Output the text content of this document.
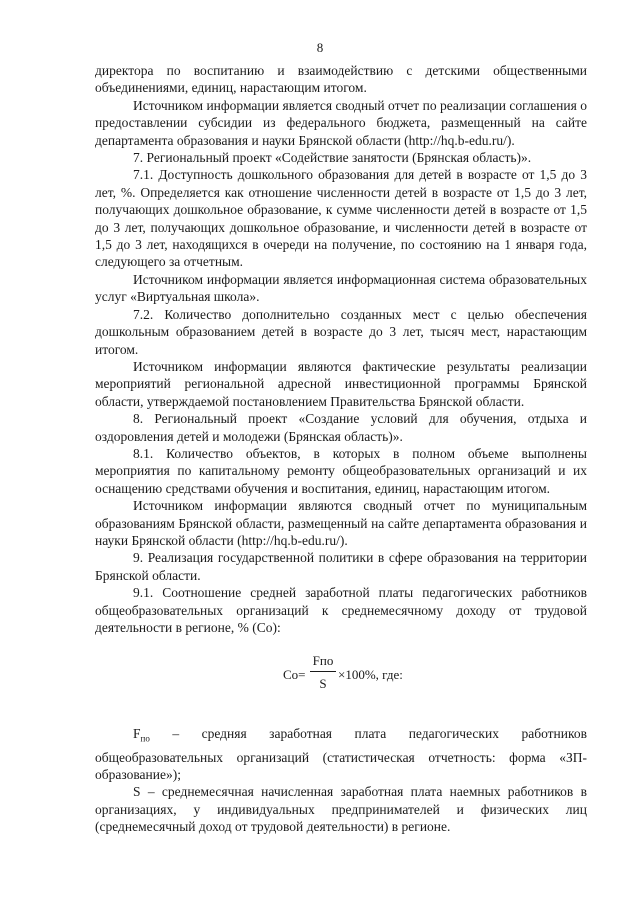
8

директора по воспитанию и взаимодействию с детскими общественными объединениями, единиц, нарастающим итогом.

Источником информации является сводный отчет по реализации соглашения о предоставлении субсидии из федерального бюджета, размещенный на сайте департамента образования и науки Брянской области (http://hq.b-edu.ru/).

7. Региональный проект «Содействие занятости (Брянская область)».

7.1. Доступность дошкольного образования для детей в возрасте от 1,5 до 3 лет, %. Определяется как отношение численности детей в возрасте от 1,5 до 3 лет, получающих дошкольное образование, к сумме численности детей в возрасте от 1,5 до 3 лет, получающих дошкольное образование, и численности детей в возрасте от 1,5 до 3 лет, находящихся в очереди на получение, по состоянию на 1 января года, следующего за отчетным.

Источником информации является информационная система образовательных услуг «Виртуальная школа».

7.2. Количество дополнительно созданных мест с целью обеспечения дошкольным образованием детей в возрасте до 3 лет, тысяч мест, нарастающим итогом.

Источником информации являются фактические результаты реализации мероприятий региональной адресной инвестиционной программы Брянской области, утверждаемой постановлением Правительства Брянской области.

8. Региональный проект «Создание условий для обучения, отдыха и оздоровления детей и молодежи (Брянская область)».

8.1. Количество объектов, в которых в полном объеме выполнены мероприятия по капитальному ремонту общеобразовательных организаций и их оснащению средствами обучения и воспитания, единиц, нарастающим итогом.

Источником информации являются сводный отчет по муниципальным образованиям Брянской области, размещенный на сайте департамента образования и науки Брянской области (http://hq.b-edu.ru/).

9. Реализация государственной политики в сфере образования на территории Брянской области.

9.1. Соотношение средней заработной платы педагогических работников общеобразовательных организаций к среднемесячному доходу от трудовой деятельности в регионе, % (Со):

Со=
Fпо
S
×100%, где:

$F_{по}$ – средняя заработная плата педагогических работников общеобразовательных организаций (статистическая отчетность: форма «ЗП-образование»);

S – среднемесячная начисленная заработная плата наемных работников в организациях, у индивидуальных предпринимателей и физических лиц (среднемесячный доход от трудовой деятельности) в регионе.
